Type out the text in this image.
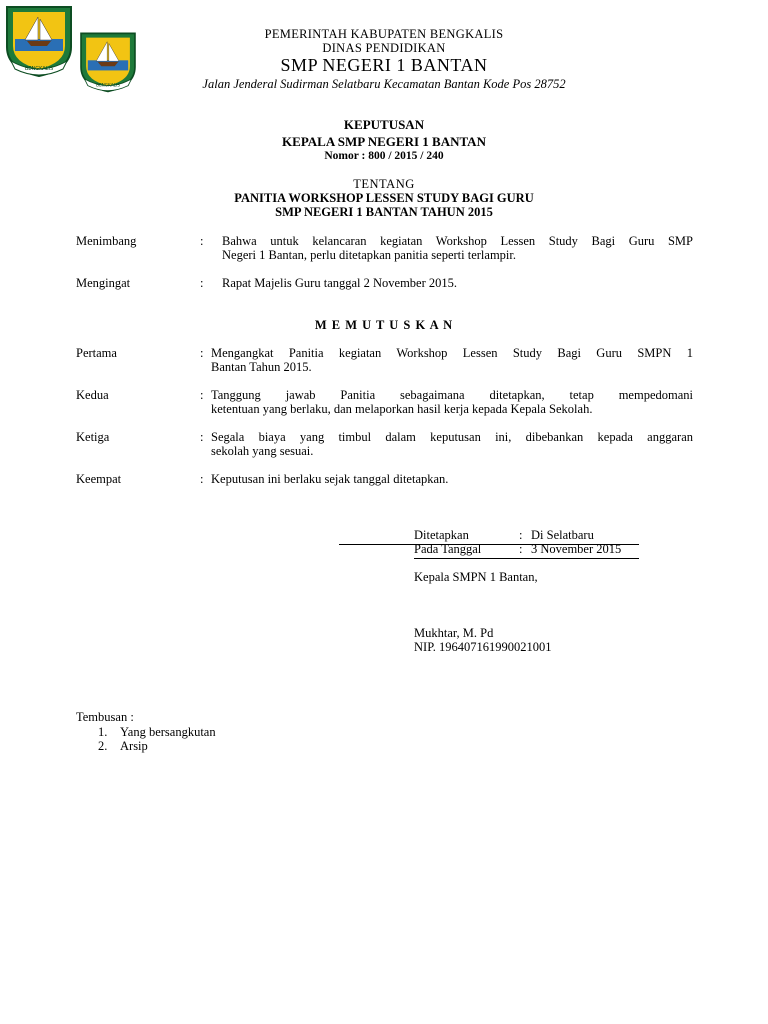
BENGKALIS
BENGKALIS
PEMERINTAH KABUPATEN BENGKALIS
DINAS PENDIDIKAN
SMP NEGERI 1 BANTAN
Jalan Jenderal Sudirman Selatbaru Kecamatan Bantan Kode Pos 28752
KEPUTUSAN
KEPALA SMP NEGERI 1 BANTAN
Nomor : 800 / 2015 / 240
TENTANG
PANITIA WORKSHOP LESSEN STUDY BAGI GURU
SMP NEGERI 1 BANTAN TAHUN 2015
Menimbang	: Bahwa untuk kelancaran kegiatan Workshop Lessen Study Bagi Guru SMP
Negeri 1 Bantan, perlu ditetapkan panitia seperti terlampir.
Mengingat	: Rapat Majelis Guru tanggal 2 November 2015.
M E M U T U S K A N
Pertama	: Mengangkat Panitia kegiatan Workshop Lessen Study Bagi Guru SMPN 1
Bantan Tahun 2015.
Kedua	: Tanggung jawab Panitia sebagaimana ditetapkan, tetap mempedomani
ketentuan yang berlaku, dan melaporkan hasil kerja kepada Kepala Sekolah.
Ketiga	: Segala biaya yang timbul dalam keputusan ini, dibebankan kepada anggaran
sekolah yang sesuai.
Keempat	: Keputusan ini berlaku sejak tanggal ditetapkan.
Ditetapkan	: Di Selatbaru
Pada Tanggal	: 3 November 2015
Kepala SMPN 1 Bantan,
Mukhtar, M. Pd
NIP. 196407161990021001
Tembusan :
1. Yang bersangkutan
2. Arsip
